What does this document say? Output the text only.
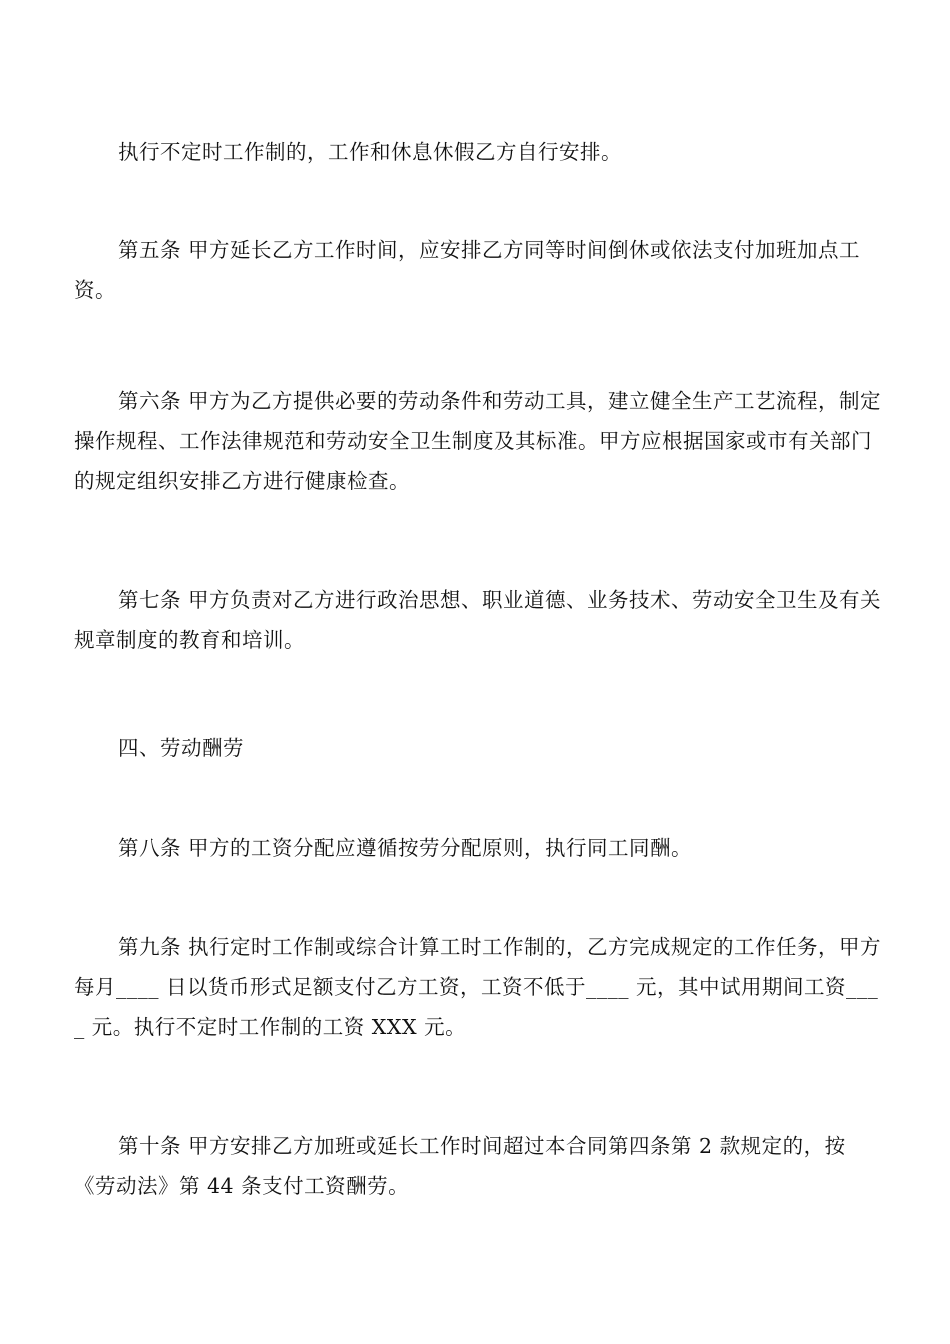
执行不定时工作制的，工作和休息休假乙方自行安排。

第五条 甲方延长乙方工作时间，应安排乙方同等时间倒休或依法支付加班加点工资。

第六条 甲方为乙方提供必要的劳动条件和劳动工具，建立健全生产工艺流程，制定操作规程、工作法律规范和劳动安全卫生制度及其标准。甲方应根据国家或市有关部门的规定组织安排乙方进行健康检查。

第七条 甲方负责对乙方进行政治思想、职业道德、业务技术、劳动安全卫生及有关规章制度的教育和培训。

四、劳动酬劳

第八条 甲方的工资分配应遵循按劳分配原则，执行同工同酬。

第九条 执行定时工作制或综合计算工时工作制的，乙方完成规定的工作任务，甲方每月____ 日以货币形式足额支付乙方工资，工资不低于____ 元，其中试用期间工资____ 元。执行不定时工作制的工资 XXX 元。

第十条 甲方安排乙方加班或延长工作时间超过本合同第四条第 2 款规定的，按《劳动法》第 44 条支付工资酬劳。
